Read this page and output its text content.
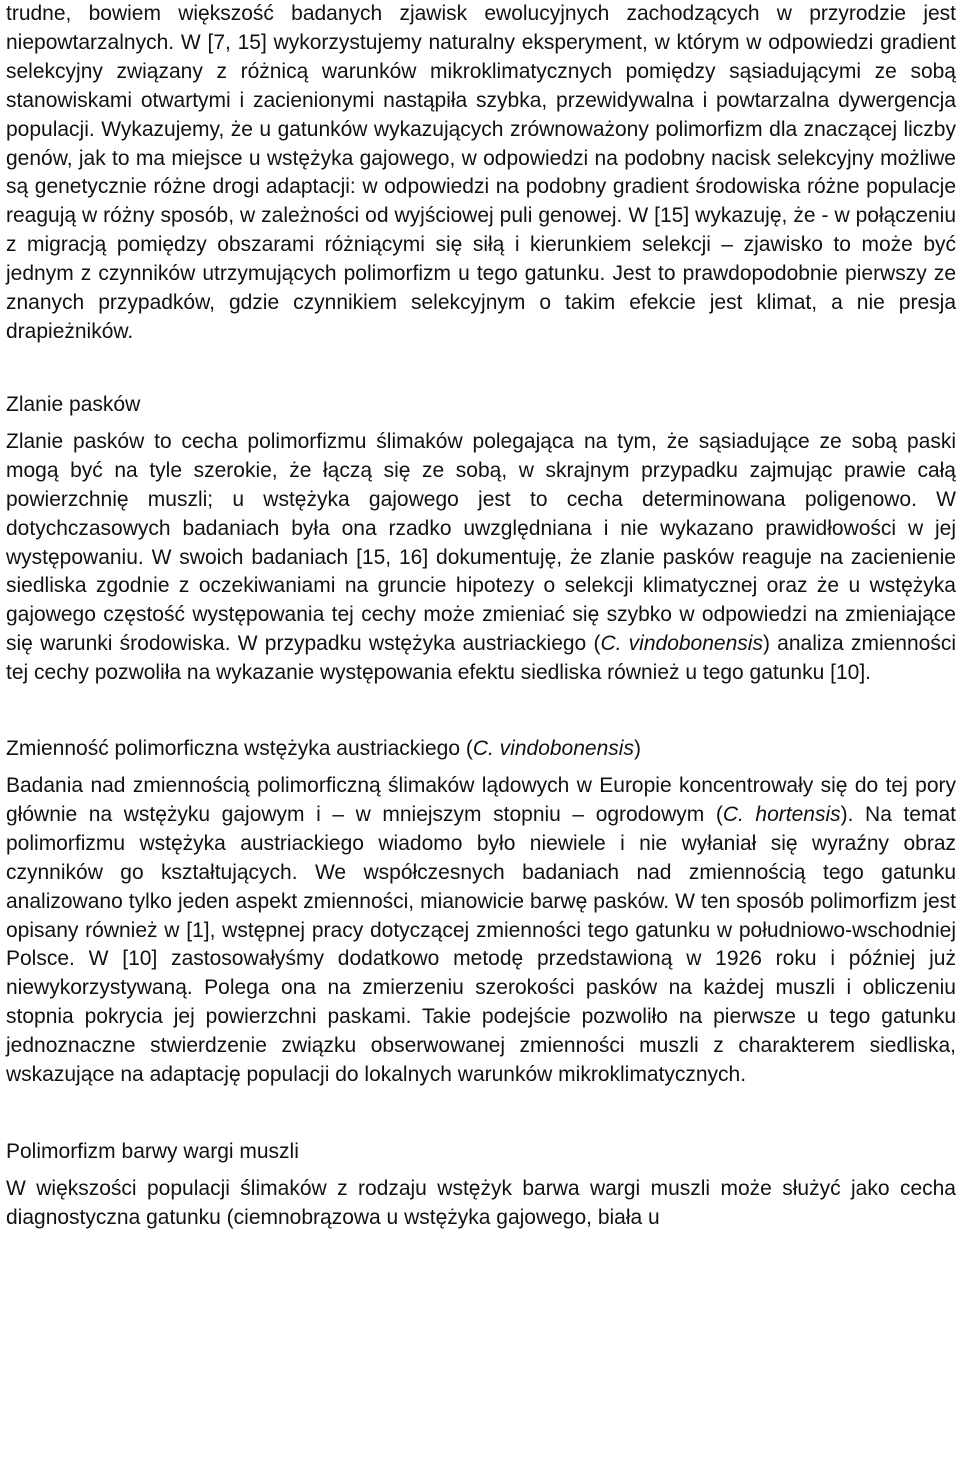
trudne, bowiem większość badanych zjawisk ewolucyjnych zachodzących w przyrodzie jest niepowtarzalnych. W [7, 15] wykorzystujemy naturalny eksperyment, w którym w odpowiedzi gradient selekcyjny związany z różnicą warunków mikroklimatycznych pomiędzy sąsiadującymi ze sobą stanowiskami otwartymi i zacienionymi nastąpiła szybka, przewidywalna i powtarzalna dywergencja populacji. Wykazujemy, że u gatunków wykazujących zrównoważony polimorfizm dla znaczącej liczby genów, jak to ma miejsce u wstężyka gajowego, w odpowiedzi na podobny nacisk selekcyjny możliwe są genetycznie różne drogi adaptacji: w odpowiedzi na podobny gradient środowiska różne populacje reagują w różny sposób, w zależności od wyjściowej puli genowej. W [15] wykazuję, że - w połączeniu z migracją pomiędzy obszarami różniącymi się siłą i kierunkiem selekcji – zjawisko to może być jednym z czynników utrzymujących polimorfizm u tego gatunku. Jest to prawdopodobnie pierwszy ze znanych przypadków, gdzie czynnikiem selekcyjnym o takim efekcie jest klimat, a nie presja drapieżników.

Zlanie pasków

Zlanie pasków to cecha polimorfizmu ślimaków polegająca na tym, że sąsiadujące ze sobą paski mogą być na tyle szerokie, że łączą się ze sobą, w skrajnym przypadku zajmując prawie całą powierzchnię muszli; u wstężyka gajowego jest to cecha determinowana poligenowo. W dotychczasowych badaniach była ona rzadko uwzględniana i nie wykazano prawidłowości w jej występowaniu. W swoich badaniach [15, 16] dokumentuję, że zlanie pasków reaguje na zacienienie siedliska zgodnie z oczekiwaniami na gruncie hipotezy o selekcji klimatycznej oraz że u wstężyka gajowego częstość występowania tej cechy może zmieniać się szybko w odpowiedzi na zmieniające się warunki środowiska. W przypadku wstężyka austriackiego (C. vindobonensis) analiza zmienności tej cechy pozwoliła na wykazanie występowania efektu siedliska również u tego gatunku [10].

Zmienność polimorficzna wstężyka austriackiego (C. vindobonensis)

Badania nad zmiennością polimorficzną ślimaków lądowych w Europie koncentrowały się do tej pory głównie na wstężyku gajowym i – w mniejszym stopniu – ogrodowym (C. hortensis). Na temat polimorfizmu wstężyka austriackiego wiadomo było niewiele i nie wyłaniał się wyraźny obraz czynników go kształtujących. We współczesnych badaniach nad zmiennością tego gatunku analizowano tylko jeden aspekt zmienności, mianowicie barwę pasków. W ten sposób polimorfizm jest opisany również w [1], wstępnej pracy dotyczącej zmienności tego gatunku w południowo-wschodniej Polsce. W [10] zastosowałyśmy dodatkowo metodę przedstawioną w 1926 roku i później już niewykorzystywaną. Polega ona na zmierzeniu szerokości pasków na każdej muszli i obliczeniu stopnia pokrycia jej powierzchni paskami. Takie podejście pozwoliło na pierwsze u tego gatunku jednoznaczne stwierdzenie związku obserwowanej zmienności muszli z charakterem siedliska, wskazujące na adaptację populacji do lokalnych warunków mikroklimatycznych.

Polimorfizm barwy wargi muszli

W większości populacji ślimaków z rodzaju wstężyk barwa wargi muszli może służyć jako cecha diagnostyczna gatunku (ciemnobrązowa u wstężyka gajowego, biała u
